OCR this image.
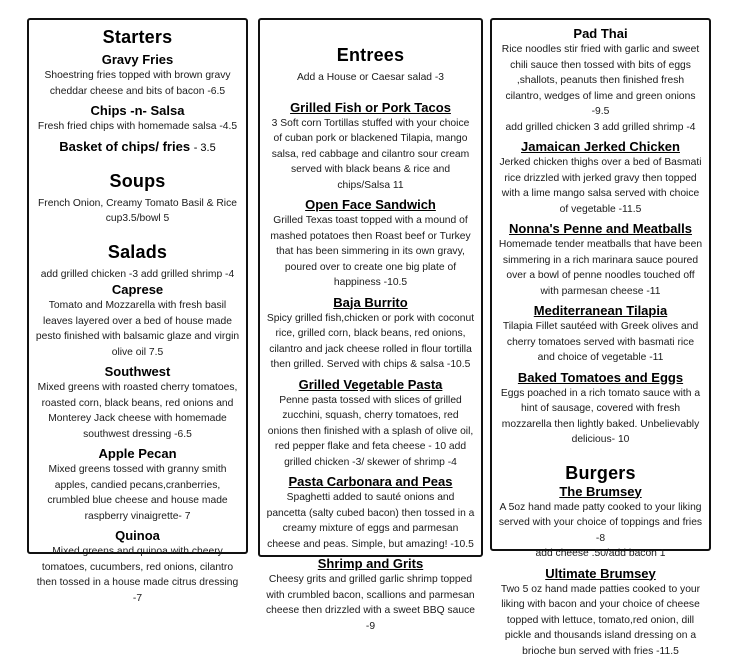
Starters
Gravy Fries
Shoestring fries topped with brown gravy cheddar cheese and bits of bacon -6.5
Chips -n- Salsa
Fresh fried chips with homemade salsa -4.5
Basket of chips/ fries - 3.5
Soups
French Onion, Creamy Tomato Basil & Rice cup3.5/bowl 5
Salads
add grilled chicken -3 add grilled shrimp -4
Caprese
Tomato and Mozzarella with fresh basil leaves layered over a bed of house made pesto finished with balsamic glaze and virgin olive oil 7.5
Southwest
Mixed greens with roasted cherry tomatoes, roasted corn, black beans, red onions and Monterey Jack cheese with homemade southwest dressing -6.5
Apple Pecan
Mixed greens tossed with granny smith apples, candied pecans,cranberries, crumbled blue cheese and house made raspberry vinaigrette- 7
Quinoa
Mixed greens and quinoa with cheery tomatoes, cucumbers, red onions, cilantro then tossed in a house made citrus dressing -7
Entrees
Add a House or Caesar salad -3
Grilled Fish or Pork Tacos
3 Soft corn Tortillas stuffed with your choice of cuban pork or blackened Tilapia, mango salsa, red cabbage and cilantro sour cream served with black beans & rice and chips/Salsa 11
Open Face Sandwich
Grilled Texas toast topped with a mound of mashed potatoes then Roast beef or Turkey that has been simmering in its own gravy, poured over to create one big plate of happiness -10.5
Baja Burrito
Spicy grilled fish,chicken or pork with coconut rice, grilled corn, black beans, red onions, cilantro and jack cheese rolled in flour tortilla then grilled. Served with chips & salsa -10.5
Grilled Vegetable Pasta
Penne pasta tossed with slices of grilled zucchini, squash, cherry tomatoes, red onions then finished with a splash of olive oil, red pepper flake and feta cheese - 10 add grilled chicken -3/ skewer of shrimp -4
Pasta Carbonara and Peas
Spaghetti added to sauté onions and pancetta (salty cubed bacon) then tossed in a creamy mixture of eggs and parmesan cheese and peas. Simple, but amazing! -10.5
Shrimp and Grits
Cheesy grits and grilled garlic shrimp topped with crumbled bacon, scallions and parmesan cheese then drizzled with a sweet BBQ sauce -9
Pad Thai
Rice noodles stir fried with garlic and sweet chili sauce then tossed with bits of eggs ,shallots, peanuts then finished fresh cilantro, wedges of lime and green onions -9.5
add grilled chicken 3 add grilled shrimp -4
Jamaican Jerked Chicken
Jerked chicken thighs over a bed of Basmati rice drizzled with jerked gravy then topped with a lime mango salsa served with choice of vegetable -11.5
Nonna's Penne and Meatballs
Homemade tender meatballs that have been simmering in a rich marinara sauce poured over a bowl of penne noodles touched off with parmesan cheese -11
Mediterranean Tilapia
Tilapia Fillet sautéed with Greek olives and cherry tomatoes served with basmati rice and choice of vegetable -11
Baked Tomatoes and Eggs
Eggs poached in a rich tomato sauce with a hint of sausage, covered with fresh mozzarella then lightly baked. Unbelievably delicious- 10
Burgers
The Brumsey
A 5oz hand made patty cooked to your liking served with your choice of toppings and fries -8
add cheese .50/add bacon 1
Ultimate Brumsey
Two 5 oz hand made patties cooked to your liking with bacon and your choice of cheese topped with lettuce, tomato,red onion, dill pickle and thousands island dressing on a brioche bun served with fries -11.5
